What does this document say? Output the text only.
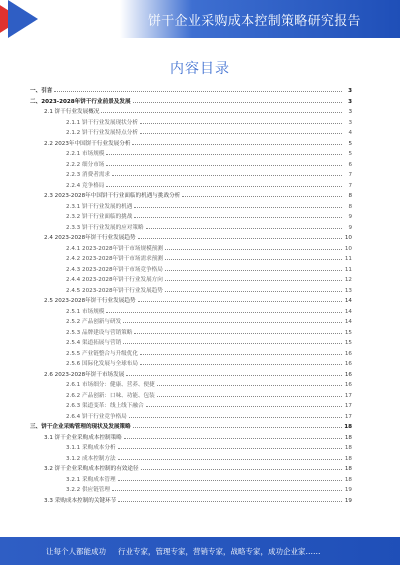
饼干企业采购成本控制策略研究报告
内容目录
一、引言	3
二、2023-2028年饼干行业前景及发展	3
2.1 饼干行业发展概况	3
2.1.1 饼干行业发展现状分析	3
2.1.2 饼干行业发展特点分析	4
2.2 2023年中国饼干行业发展分析	5
2.2.1 市场规模	5
2.2.2 细分市场	6
2.2.3 消费者需求	7
2.2.4 竞争格局	7
2.3 2023-2028年中国饼干行业面临的机遇与挑战分析	8
2.3.1 饼干行业发展的机遇	8
2.3.2 饼干行业面临的挑战	9
2.3.3 饼干行业发展的应对策略	9
2.4 2023-2028年饼干行业发展趋势	10
2.4.1 2023-2028年饼干市场规模预测	10
2.4.2 2023-2028年饼干市场需求预测	11
2.4.3 2023-2028年饼干市场竞争格局	11
2.4.4 2023-2028年饼干行业发展方向	12
2.4.5 2023-2028年饼干行业发展趋势	13
2.5 2023-2028年饼干行业发展趋势	14
2.5.1 市场规模	14
2.5.2 产品创新与研发	14
2.5.3 品牌建设与营销策略	15
2.5.4 渠道拓展与营销	15
2.5.5 产业链整合与升级优化	16
2.5.6 国际化发展与全球布局	16
2.6 2023-2028年饼干市场发展	16
2.6.1 市场细分：健康、营养、便捷	16
2.6.2 产品创新：口味、功能、包装	17
2.6.3 渠道变革：线上线下融合	17
2.6.4 饼干行业竞争格局	17
三、饼干企业采购管理的现状及发展策略	18
3.1 饼干企业采购成本控制策略	18
3.1.1 采购成本分析	18
3.1.2 成本控制方法	18
3.2 饼干企业采购成本控制的有效途径	18
3.2.1 采购成本管理	18
3.2.2 供应链管理	19
3.3 采购成本控制的关键环节	19
让每个人都能成功 行业专家，管理专家，营销专家，战略专家，成功企业家……
